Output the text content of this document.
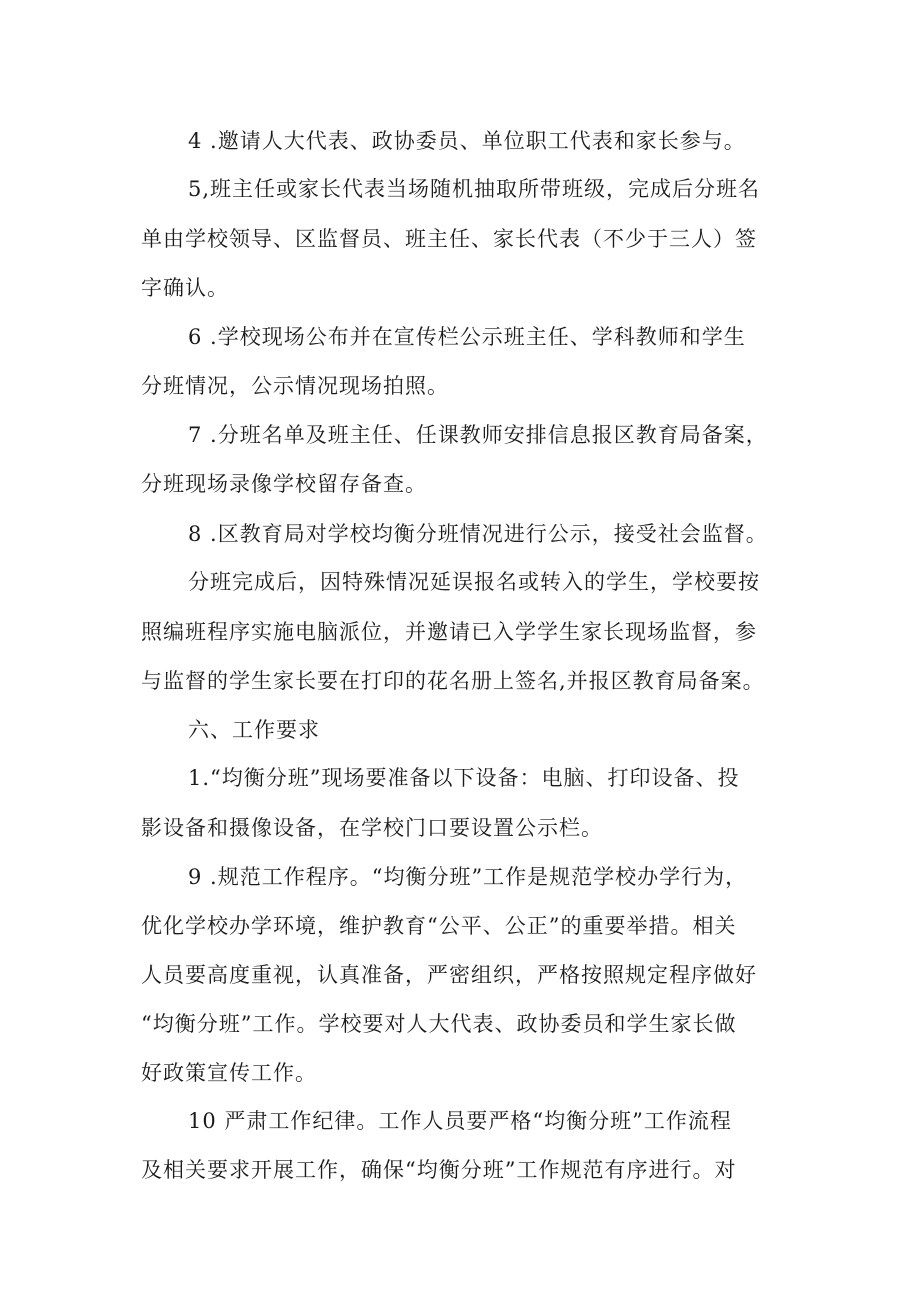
4 .邀请人大代表、政协委员、单位职工代表和家长参与。
5,班主任或家长代表当场随机抽取所带班级，完成后分班名
单由学校领导、区监督员、班主任、家长代表（不少于三人）签
字确认。
6 .学校现场公布并在宣传栏公示班主任、学科教师和学生
分班情况，公示情况现场拍照。
7 .分班名单及班主任、任课教师安排信息报区教育局备案，
分班现场录像学校留存备查。
8 .区教育局对学校均衡分班情况进行公示，接受社会监督。
分班完成后，因特殊情况延误报名或转入的学生，学校要按
照编班程序实施电脑派位，并邀请已入学学生家长现场监督，参
与监督的学生家长要在打印的花名册上签名,并报区教育局备案。
六、工作要求
1.“均衡分班”现场要准备以下设备：电脑、打印设备、投
影设备和摄像设备，在学校门口要设置公示栏。
9 .规范工作程序。“均衡分班”工作是规范学校办学行为，
优化学校办学环境，维护教育“公平、公正”的重要举措。相关
人员要高度重视，认真准备，严密组织，严格按照规定程序做好
“均衡分班”工作。学校要对人大代表、政协委员和学生家长做
好政策宣传工作。
10 严肃工作纪律。工作人员要严格“均衡分班”工作流程
及相关要求开展工作，确保“均衡分班”工作规范有序进行。对
